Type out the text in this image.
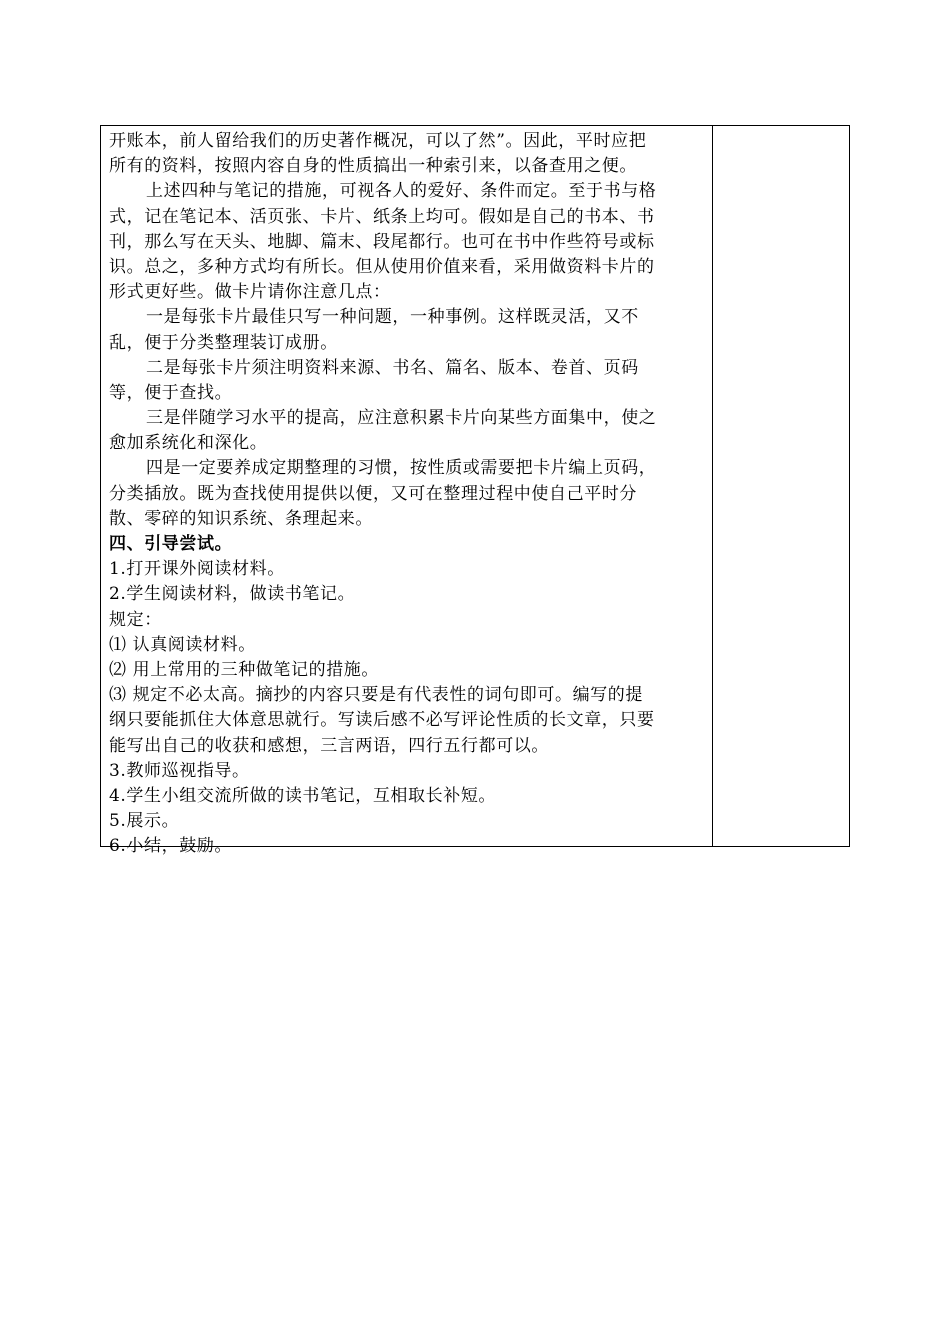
开账本，前人留给我们的历史著作概况，可以了然”。因此，平时应把
所有的资料，按照内容自身的性质搞出一种索引来，以备查用之便。
上述四种与笔记的措施，可视各人的爱好、条件而定。至于书与格
式，记在笔记本、活页张、卡片、纸条上均可。假如是自己的书本、书
刊，那么写在天头、地脚、篇末、段尾都行。也可在书中作些符号或标
识。总之，多种方式均有所长。但从使用价值来看，采用做资料卡片的
形式更好些。做卡片请你注意几点：
一是每张卡片最佳只写一种问题，一种事例。这样既灵活，又不
乱，便于分类整理装订成册。
二是每张卡片须注明资料来源、书名、篇名、版本、卷首、页码
等，便于查找。
三是伴随学习水平的提高，应注意积累卡片向某些方面集中，使之
愈加系统化和深化。
四是一定要养成定期整理的习惯，按性质或需要把卡片编上页码，
分类插放。既为查找使用提供以便，又可在整理过程中使自己平时分
散、零碎的知识系统、条理起来。
四、引导尝试。
1.打开课外阅读材料。
2.学生阅读材料，做读书笔记。
规定：
⑴ 认真阅读材料。
⑵ 用上常用的三种做笔记的措施。
⑶ 规定不必太高。摘抄的内容只要是有代表性的词句即可。编写的提
纲只要能抓住大体意思就行。写读后感不必写评论性质的长文章，只要
能写出自己的收获和感想，三言两语，四行五行都可以。
3.教师巡视指导。
4.学生小组交流所做的读书笔记，互相取长补短。
5.展示。
6.小结，鼓励。
